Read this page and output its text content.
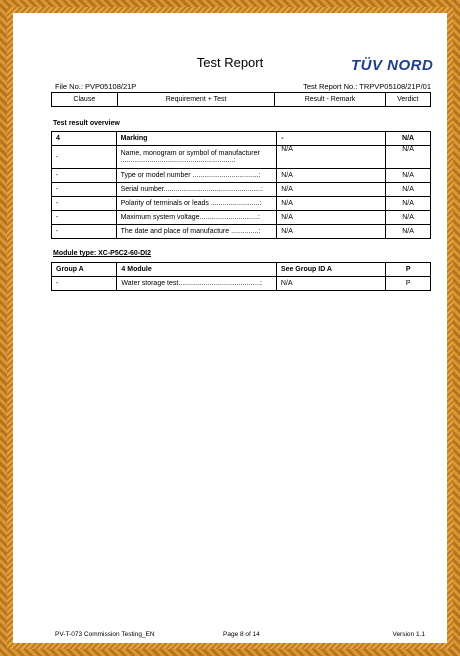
Test Report	TÜV NORD
File No.: PVP05108/21P	Test Report No.: TRPVP05108/21P/01
Clause	Requirement + Test	Result - Remark	Verdict
Test result overview
4	Marking	-	N/A
-	Name, monogram or symbol of manufacturer ..........................................................:	N/A	N/A
-	Type or model number ..................................:	N/A	N/A
-	Serial number..................................................:	N/A	N/A
-	Polarity of terminals or leads .........................:	N/A	N/A
-	Maximum system voltage..............................:	N/A	N/A
-	The date and place of manufacture ..............:	N/A	N/A
Module type: XC-P5C2-60-DI2
Group A	4 Module	See Group ID A	P
-	Water storage test..........................................:	N/A	P
PV-T-073 Commission Testing_EN	Page 8 of 14	Version 1.1
